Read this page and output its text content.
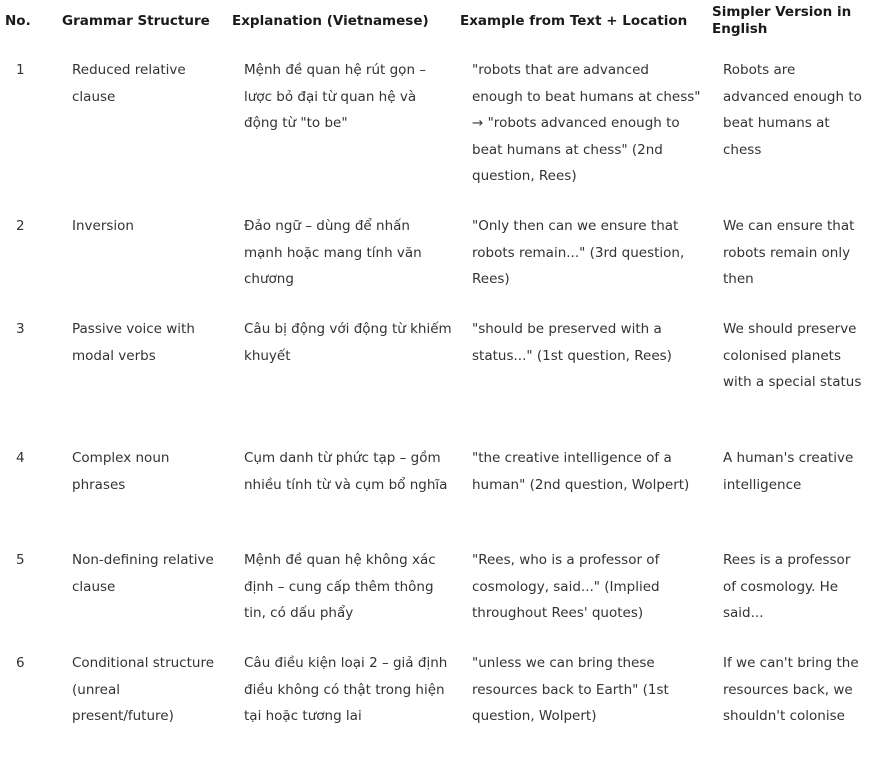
No.	Grammar Structure	Explanation (Vietnamese)	Example from Text + Location	Simpler Version in English

1	Reduced relative clause	Mệnh đề quan hệ rút gọn – lược bỏ đại từ quan hệ và động từ "to be"	"robots that are advanced enough to beat humans at chess" → "robots advanced enough to beat humans at chess" (2nd question, Rees)	Robots are advanced enough to beat humans at chess

2	Inversion	Đảo ngữ – dùng để nhấn mạnh hoặc mang tính văn chương	"Only then can we ensure that robots remain..." (3rd question, Rees)	We can ensure that robots remain only then

3	Passive voice with modal verbs	Câu bị động với động từ khiếm khuyết	"should be preserved with a status..." (1st question, Rees)	We should preserve colonised planets with a special status

4	Complex noun phrases	Cụm danh từ phức tạp – gồm nhiều tính từ và cụm bổ nghĩa	"the creative intelligence of a human" (2nd question, Wolpert)	A human's creative intelligence

5	Non-defining relative clause	Mệnh đề quan hệ không xác định – cung cấp thêm thông tin, có dấu phẩy	"Rees, who is a professor of cosmology, said..." (Implied throughout Rees' quotes)	Rees is a professor of cosmology. He said...

6	Conditional structure (unreal present/future)	Câu điều kiện loại 2 – giả định điều không có thật trong hiện tại hoặc tương lai	"unless we can bring these resources back to Earth" (1st question, Wolpert)	If we can't bring the resources back, we shouldn't colonise
